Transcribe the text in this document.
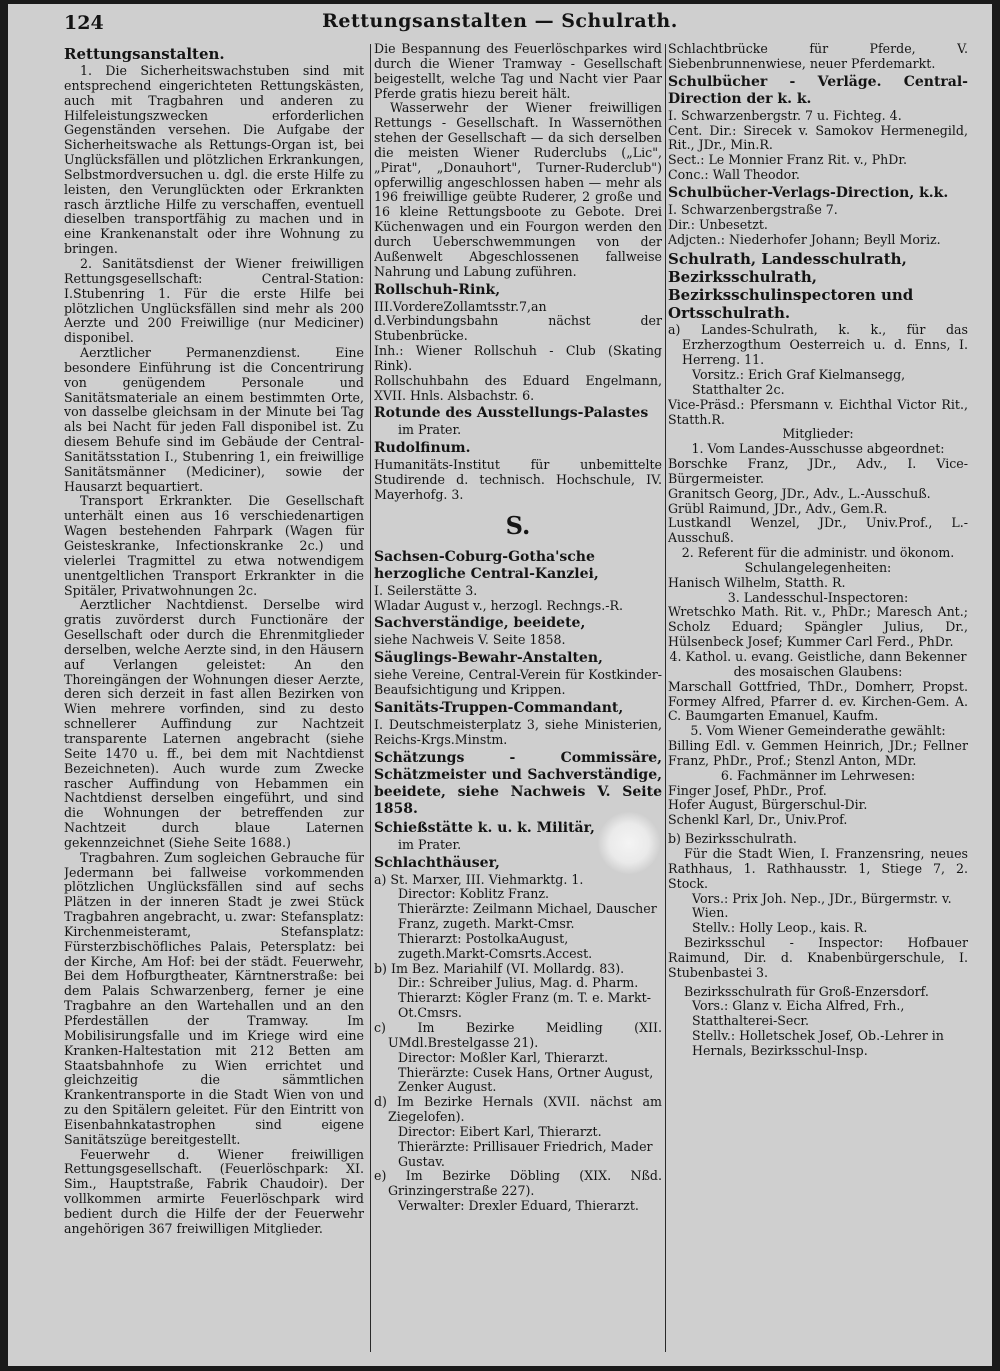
124	Rettungsanstalten — Schulrath.

Rettungsanstalten.

1. Die Sicherheitswachstuben sind mit entsprechend eingerichteten Rettungskästen, auch mit Tragbahren und anderen zu Hilfeleistungszwecken erforderlichen Gegenständen versehen. Die Aufgabe der Sicherheitswache als Rettungs-Organ ist, bei Unglücksfällen und plötzlichen Erkrankungen, Selbstmordversuchen u. dgl. die erste Hilfe zu leisten, den Verunglückten oder Erkrankten rasch ärztliche Hilfe zu verschaffen, eventuell dieselben transportfähig zu machen und in eine Krankenanstalt oder ihre Wohnung zu bringen.

2. Sanitätsdienst der Wiener freiwilligen Rettungsgesellschaft: Central-Station: I.Stubenring 1. Für die erste Hilfe bei plötzlichen Unglücksfällen sind mehr als 200 Aerzte und 200 Freiwillige (nur Mediciner) disponibel.

Aerztlicher Permanenzdienst. Eine besondere Einführung ist die Concentrirung von genügendem Personale und Sanitätsmateriale an einem bestimmten Orte, von dasselbe gleichsam in der Minute bei Tag als bei Nacht für jeden Fall disponibel ist. Zu diesem Behufe sind im Gebäude der Central-Sanitätsstation I., Stubenring 1, ein freiwillige Sanitätsmänner (Mediciner), sowie der Hausarzt bequartiert.

Transport Erkrankter. Die Gesellschaft unterhält einen aus 16 verschiedenartigen Wagen bestehenden Fahrpark (Wagen für Geisteskranke, Infectionskranke 2c.) und vielerlei Tragmittel zu etwa notwendigem unentgeltlichen Transport Erkrankter in die Spitäler, Privatwohnungen 2c.

Aerztlicher Nachtdienst. Derselbe wird gratis zuvörderst durch Functionäre der Gesellschaft oder durch die Ehrenmitglieder derselben, welche Aerzte sind, in den Häusern auf Verlangen geleistet: An den Thoreingängen der Wohnungen dieser Aerzte, deren sich derzeit in fast allen Bezirken von Wien mehrere vorfinden, sind zu desto schnellerer Auffindung zur Nachtzeit transparente Laternen angebracht (siehe Seite 1470 u. ff., bei dem mit Nachtdienst Bezeichneten). Auch wurde zum Zwecke rascher Auffindung von Hebammen ein Nachtdienst derselben eingeführt, und sind die Wohnungen der betreffenden zur Nachtzeit durch blaue Laternen gekennzeichnet (Siehe Seite 1688.)

Tragbahren. Zum sogleichen Gebrauche für Jedermann bei fallweise vorkommenden plötzlichen Unglücksfällen sind auf sechs Plätzen in der inneren Stadt je zwei Stück Tragbahren angebracht, u. zwar: Stefansplatz: Kirchenmeisteramt, Stefansplatz: Fürsterzbischöfliches Palais, Petersplatz: bei der Kirche, Am Hof: bei der städt. Feuerwehr, Bei dem Hofburgtheater, Kärntnerstraße: bei dem Palais Schwarzenberg, ferner je eine Tragbahre an den Wartehallen und an den Pferdeställen der Tramway. Im Mobilisirungsfalle und im Kriege wird eine Kranken-Haltestation mit 212 Betten am Staatsbahnhofe zu Wien errichtet und gleichzeitig die sämmtlichen Krankentransporte in die Stadt Wien von und zu den Spitälern geleitet. Für den Eintritt von Eisenbahnkatastrophen sind eigene Sanitätszüge bereitgestellt.

Feuerwehr d. Wiener freiwilligen Rettungsgesellschaft. (Feuerlöschpark: XI. Sim., Hauptstraße, Fabrik Chaudoir). Der vollkommen armirte Feuerlöschpark wird bedient durch die Hilfe der der Feuerwehr angehörigen 367 freiwilligen Mitglieder.

Die Bespannung des Feuerlöschparkes wird durch die Wiener Tramway - Gesellschaft beigestellt, welche Tag und Nacht vier Paar Pferde gratis hiezu bereit hält.

Wasserwehr der Wiener freiwilligen Rettungs - Gesellschaft. In Wassernöthen stehen der Gesellschaft — da sich derselben die meisten Wiener Ruderclubs („Lic", „Pirat", „Donauhort", Turner-Ruderclub") opferwillig angeschlossen haben — mehr als 196 freiwillige geübte Ruderer, 2 große und 16 kleine Rettungsboote zu Gebote. Drei Küchenwagen und ein Fourgon werden den durch Ueberschwemmungen von der Außenwelt Abgeschlossenen fallweise Nahrung und Labung zuführen.

Rollschuh-Rink,

III.VordereZollamtsstr.7,an d.Verbindungsbahn nächst der Stubenbrücke.

Inh.: Wiener Rollschuh - Club (Skating Rink).

Rollschuhbahn des Eduard Engelmann, XVII. Hnls. Alsbachstr. 6.

Rotunde des Ausstellungs-Palastes

im Prater.

Rudolfinum.

Humanitäts-Institut für unbemittelte Studirende d. technisch. Hochschule, IV. Mayerhofg. 3.

S.

Sachsen-Coburg-Gotha'sche herzogliche Central-Kanzlei,

I. Seilerstätte 3.

Wladar August v., herzogl. Rechngs.-R.

Sachverständige, beeidete,

siehe Nachweis V. Seite 1858.

Säuglings-Bewahr-Anstalten,

siehe Vereine, Central-Verein für Kostkinder-Beaufsichtigung und Krippen.

Sanitäts-Truppen-Commandant,

I. Deutschmeisterplatz 3, siehe Ministerien, Reichs-Krgs.Minstm.

Schätzungs - Commissäre, Schätzmeister und Sachverständige, beeidete, siehe Nachweis V. Seite 1858.

Schießstätte k. u. k. Militär,

im Prater.

Schlachthäuser,

a) St. Marxer, III. Viehmarktg. 1.

Director: Koblitz Franz.

Thierärzte: Zeilmann Michael, Dauscher Franz, zugeth. Markt-Cmsr.

Thierarzt: PostolkaAugust, zugeth.Markt-Comsrts.Accest.

b) Im Bez. Mariahilf (VI. Mollardg. 83).

Dir.: Schreiber Julius, Mag. d. Pharm.

Thierarzt: Kögler Franz (m. T. e. Markt-Ot.Cmsrs.

c) Im Bezirke Meidling (XII. UMdl.Brestelgasse 21).

Director: Moßler Karl, Thierarzt.

Thierärzte: Cusek Hans, Ortner August, Zenker August.

d) Im Bezirke Hernals (XVII. nächst am Ziegelofen).

Director: Eibert Karl, Thierarzt.

Thierärzte: Prillisauer Friedrich, Mader Gustav.

e) Im Bezirke Döbling (XIX. Nßd. Grinzingerstraße 227).

Verwalter: Drexler Eduard, Thierarzt.

Schlachtbrücke für Pferde, V. Siebenbrunnenwiese, neuer Pferdemarkt.

Schulbücher - Verläge. Central-Direction der k. k.

I. Schwarzenbergstr. 7 u. Fichteg. 4.

Cent. Dir.: Sirecek v. Samokov Hermenegild, Rit., JDr., Min.R.

Sect.: Le Monnier Franz Rit. v., PhDr.

Conc.: Wall Theodor.

Schulbücher-Verlags-Direction, k.k.

I. Schwarzenbergstraße 7.

Dir.: Unbesetzt.

Adjcten.: Niederhofer Johann; Beyll Moriz.

Schulrath, Landesschulrath, Bezirksschulrath, Bezirksschulinspectoren und Ortsschulrath.

a) Landes-Schulrath, k. k., für das Erzherzogthum Oesterreich u. d. Enns, I. Herreng. 11.

Vorsitz.: Erich Graf Kielmansegg, Statthalter 2c.

Vice-Präsd.: Pfersmann v. Eichthal Victor Rit., Statth.R.

Mitglieder:

1. Vom Landes-Ausschusse abgeordnet:

Borschke Franz, JDr., Adv., I. Vice-Bürgermeister.

Granitsch Georg, JDr., Adv., L.-Ausschuß.

Grübl Raimund, JDr., Adv., Gem.R.

Lustkandl Wenzel, JDr., Univ.Prof., L.-Ausschuß.

2. Referent für die administr. und ökonom. Schulangelegenheiten:

Hanisch Wilhelm, Statth. R.

3. Landesschul-Inspectoren:

Wretschko Math. Rit. v., PhDr.; Maresch Ant.; Scholz Eduard; Spängler Julius, Dr., Hülsenbeck Josef; Kummer Carl Ferd., PhDr.

4. Kathol. u. evang. Geistliche, dann Bekenner des mosaischen Glaubens:

Marschall Gottfried, ThDr., Domherr, Propst. Formey Alfred, Pfarrer d. ev. Kirchen-Gem. A. C. Baumgarten Emanuel, Kaufm.

5. Vom Wiener Gemeinderathe gewählt:

Billing Edl. v. Gemmen Heinrich, JDr.; Fellner Franz, PhDr., Prof.; Stenzl Anton, MDr.

6. Fachmänner im Lehrwesen:

Finger Josef, PhDr., Prof.

Hofer August, Bürgerschul-Dir.

Schenkl Karl, Dr., Univ.Prof.

b) Bezirksschulrath.

Für die Stadt Wien, I. Franzensring, neues Rathhaus, 1. Rathhausstr. 1, Stiege 7, 2. Stock.

Vors.: Prix Joh. Nep., JDr., Bürgermstr. v. Wien.

Stellv.: Holly Leop., kais. R.

Bezirksschul - Inspector: Hofbauer Raimund, Dir. d. Knabenbürgerschule, I. Stubenbastei 3.

Bezirksschulrath für Groß-Enzersdorf.

Vors.: Glanz v. Eicha Alfred, Frh., Statthalterei-Secr.

Stellv.: Holletschek Josef, Ob.-Lehrer in Hernals, Bezirksschul-Insp.
